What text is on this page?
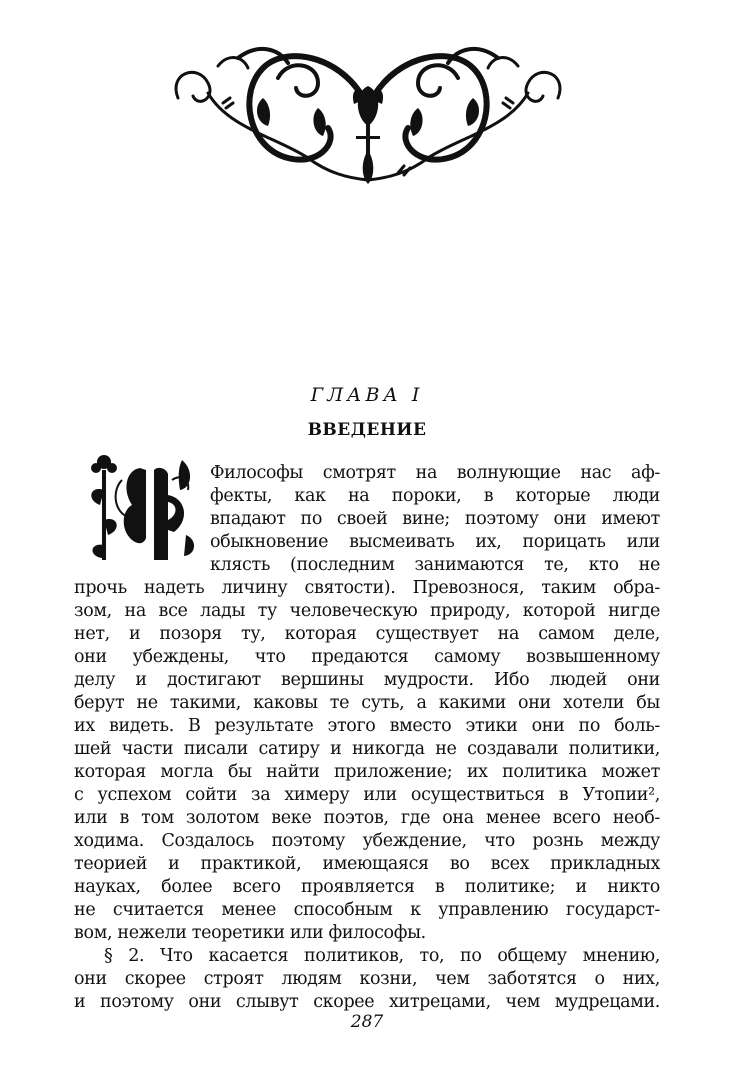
ГЛАВА I
ВВЕДЕНИЕ
Философы смотрят на волнующие нас аф-
фекты, как на пороки, в которые люди
впадают по своей вине; поэтому они имеют
обыкновение высмеивать их, порицать или
клясть (последним занимаются те, кто не
прочь надеть личину святости). Превознося, таким обра-
зом, на все лады ту человеческую природу, которой нигде
нет, и позоря ту, которая существует на самом деле,
они убеждены, что предаются самому возвышенному
делу и достигают вершины мудрости. Ибо людей они
берут не такими, каковы те суть, а какими они хотели бы
их видеть. В результате этого вместо этики они по боль-
шей части писали сатиру и никогда не создавали политики,
которая могла бы найти приложение; их политика может
с успехом сойти за химеру или осуществиться в Утопии²,
или в том золотом веке поэтов, где она менее всего необ-
ходима. Создалось поэтому убеждение, что рознь между
теорией и практикой, имеющаяся во всех прикладных
науках, более всего проявляется в политике; и никто
не считается менее способным к управлению государст-
вом, нежели теоретики или философы.
§ 2. Что касается политиков, то, по общему мнению,
они скорее строят людям козни, чем заботятся о них,
и поэтому они слывут скорее хитрецами, чем мудрецами.
287
